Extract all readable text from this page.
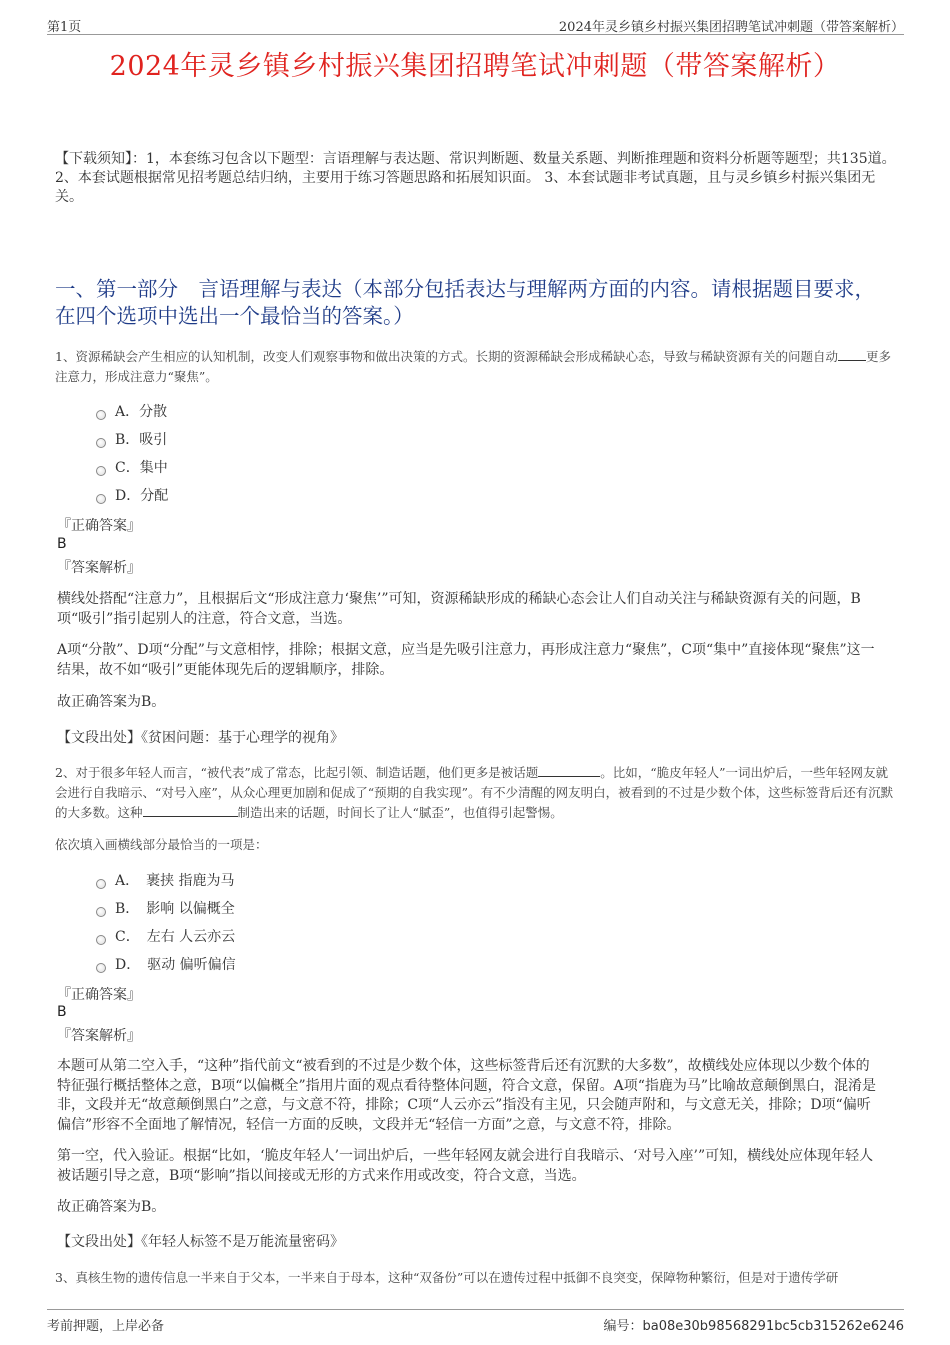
第1页	2024年灵乡镇乡村振兴集团招聘笔试冲刺题（带答案解析）
2024年灵乡镇乡村振兴集团招聘笔试冲刺题（带答案解析）
【下载须知】：1，本套练习包含以下题型：言语理解与表达题、常识判断题、数量关系题、判断推理题和资料分析题等题型；共135道。 2、本套试题根据常见招考题总结归纳，主要用于练习答题思路和拓展知识面。 3、本套试题非考试真题，且与灵乡镇乡村振兴集团无关。
一、第一部分　言语理解与表达（本部分包括表达与理解两方面的内容。请根据题目要求，在四个选项中选出一个最恰当的答案。）
1、资源稀缺会产生相应的认知机制，改变人们观察事物和做出决策的方式。长期的资源稀缺会形成稀缺心态，导致与稀缺资源有关的问题自动 更多注意力，形成注意力“聚焦”。
A．分散
B．吸引
C．集中
D．分配
『正确答案』
B
『答案解析』
横线处搭配“注意力”，且根据后文“形成注意力‘聚焦’”可知，资源稀缺形成的稀缺心态会让人们自动关注与稀缺资源有关的问题，B项“吸引”指引起别人的注意，符合文意，当选。
A项“分散”、D项“分配”与文意相悖，排除；根据文意，应当是先吸引注意力，再形成注意力“聚焦”，C项“集中”直接体现“聚焦”这一结果，故不如“吸引”更能体现先后的逻辑顺序，排除。
故正确答案为B。
【文段出处】《贫困问题：基于心理学的视角》
2、对于很多年轻人而言，“被代表”成了常态，比起引领、制造话题，他们更多是被话题	。比如，“脆皮年轻人”一词出炉后，一些年轻网友就会进行自我暗示、“对号入座”，从众心理更加剧和促成了“预期的自我实现”。有不少清醒的网友明白，被看到的不过是少数个体，这些标签背后还有沉默的大多数。这种	制造出来的话题，时间长了让人“腻歪”，也值得引起警惕。
依次填入画横线部分最恰当的一项是：
A．　裹挟 指鹿为马
B．　影响 以偏概全
C．　左右 人云亦云
D．　驱动 偏听偏信
『正确答案』
B
『答案解析』
本题可从第二空入手，“这种”指代前文“被看到的不过是少数个体，这些标签背后还有沉默的大多数”，故横线处应体现以少数个体的特征强行概括整体之意，B项“以偏概全”指用片面的观点看待整体问题，符合文意，保留。A项“指鹿为马”比喻故意颠倒黑白，混淆是非，文段并无“故意颠倒黑白”之意，与文意不符，排除；C项“人云亦云”指没有主见，只会随声附和，与文意无关，排除；D项“偏听偏信”形容不全面地了解情况，轻信一方面的反映，文段并无“轻信一方面”之意，与文意不符，排除。
第一空，代入验证。根据“比如，‘脆皮年轻人’一词出炉后，一些年轻网友就会进行自我暗示、‘对号入座’”可知，横线处应体现年轻人被话题引导之意，B项“影响”指以间接或无形的方式来作用或改变，符合文意，当选。
故正确答案为B。
【文段出处】《年轻人标签不是万能流量密码》
3、真核生物的遗传信息一半来自于父本，一半来自于母本，这种“双备份”可以在遗传过程中抵御不良突变，保障物种繁衍，但是对于遗传学研
考前押题，上岸必备	编号：ba08e30b98568291bc5cb315262e6246
